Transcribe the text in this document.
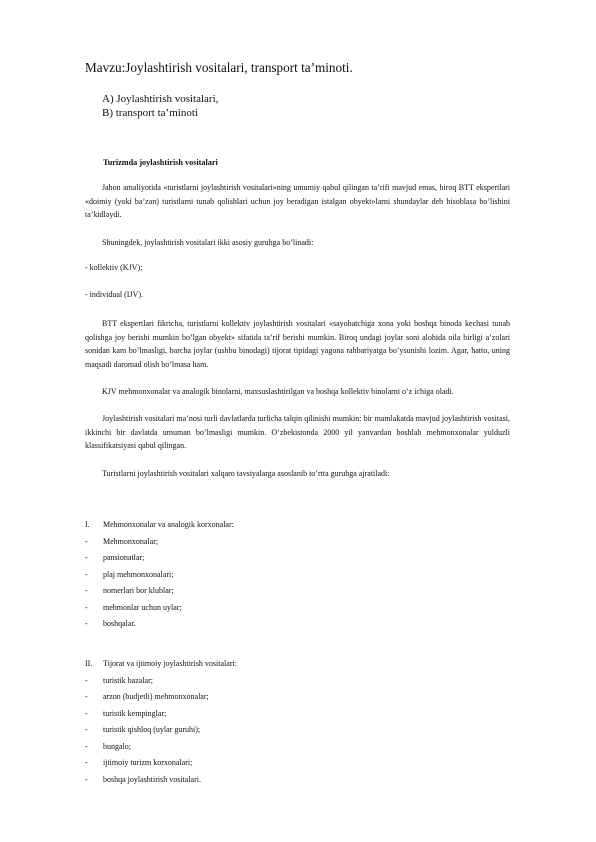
Mavzu:Joylashtirish vositalari, transport ta’minoti.
A) Joylashtirish vositalari,
B) transport ta’minoti
Turizmda joylashtirish vositalari
Jahon amaliyotida «turistlarni joylashtirish vositalari»ning umumiy qabul qilingan ta’rifi mavjud emas, biroq BTT ekspertlari «doimiy (yoki ba’zan) turistlarni tunab qolishlari uchun joy beradigan istalgan obyekt»larni shundaylar deb hisoblasa bo’lishini ta’kidlaydi.
Shuningdek, joylashtirish vositalari ikki asosiy guruhga bo’linadi:
- kollektiv (KJV);
- individual (IJV).
BTT ekspertlari fikricha, turistlarni kollektiv joylashtirish vositalari «sayohatchiga xona yoki boshqa binoda kechasi tunab qolishga joy berishi mumkin bo’lgan obyekt» sifatida ta’rif berishi mumkin. Biroq undagi joylar soni alohida oila birligi a’zolari sonidan kam bo’lmasligi, barcha joylar (ushbu binodagi) tijorat tipidagi yagona rahbariyatga bo’ysunishi lozim. Agar, hatto, uning maqsadi daromad olish bo’lmasa ham.
KJV mehmonxonalar va analogik binolarni, maxsuslashtirilgan va boshqa kollektiv binolarni o’z ichiga oladi.
Joylashtirish vositalari ma’nosi turli davlatlarda turlicha talqin qilinishi mumkin: bir mamlakatda mavjud joylashtirish vositasi, ikkinchi bir davlatda umuman bo’lmasligi mumkin. O’zbekistonda 2000 yil yanvardan boshlab mehmonxonalar yulduzli klassifikatsiyasi qabul qilingan.
Turistlarni joylashtirish vositalari xalqaro tavsiyalarga asoslanib to’rtta guruhga ajratiladi:
I. Mehmonxonalar va analogik korxonalar:
- Mehmonxonalar;
- pansionatlar;
- plaj mehmonxonalari;
- nomerlari bor klublar;
- mehmonlar uchun uylar;
- boshqalar.
II. Tijorat va ijtimoiy joylashtirish vositalari:
- turistik bazalar;
- arzon (budjetli) mehmonxonalar;
- turistik kempinglar;
- turistik qishloq (uylar guruhi);
- bungalo;
- ijtimoiy turizm korxonalari;
- boshqa joylashtirish vositalari.
